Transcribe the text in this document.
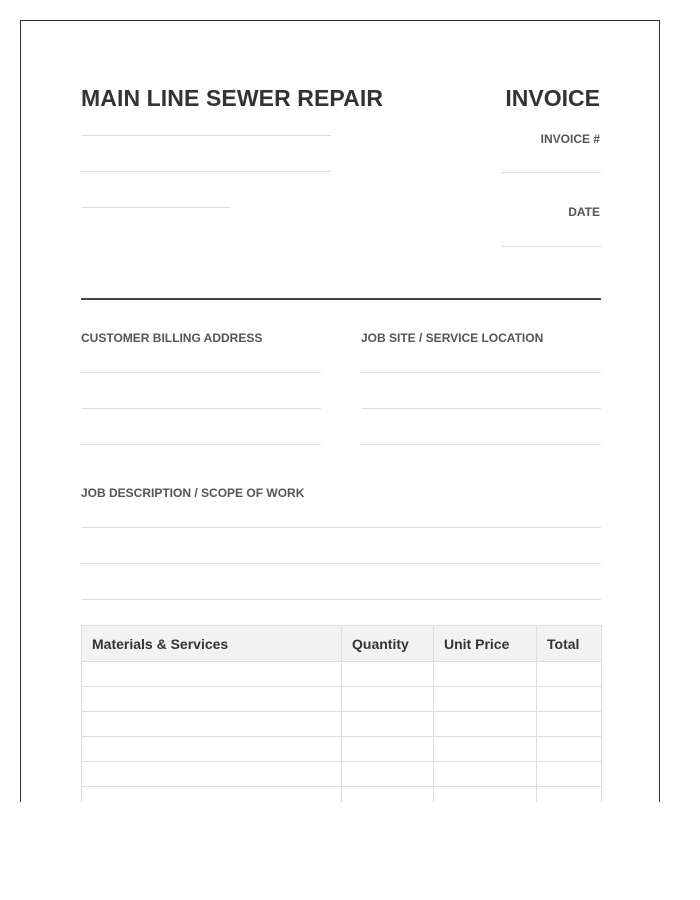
MAIN LINE SEWER REPAIR	INVOICE
INVOICE #
DATE
CUSTOMER BILLING ADDRESS	JOB SITE / SERVICE LOCATION
JOB DESCRIPTION / SCOPE OF WORK
Materials & Services	Quantity	Unit Price	Total
